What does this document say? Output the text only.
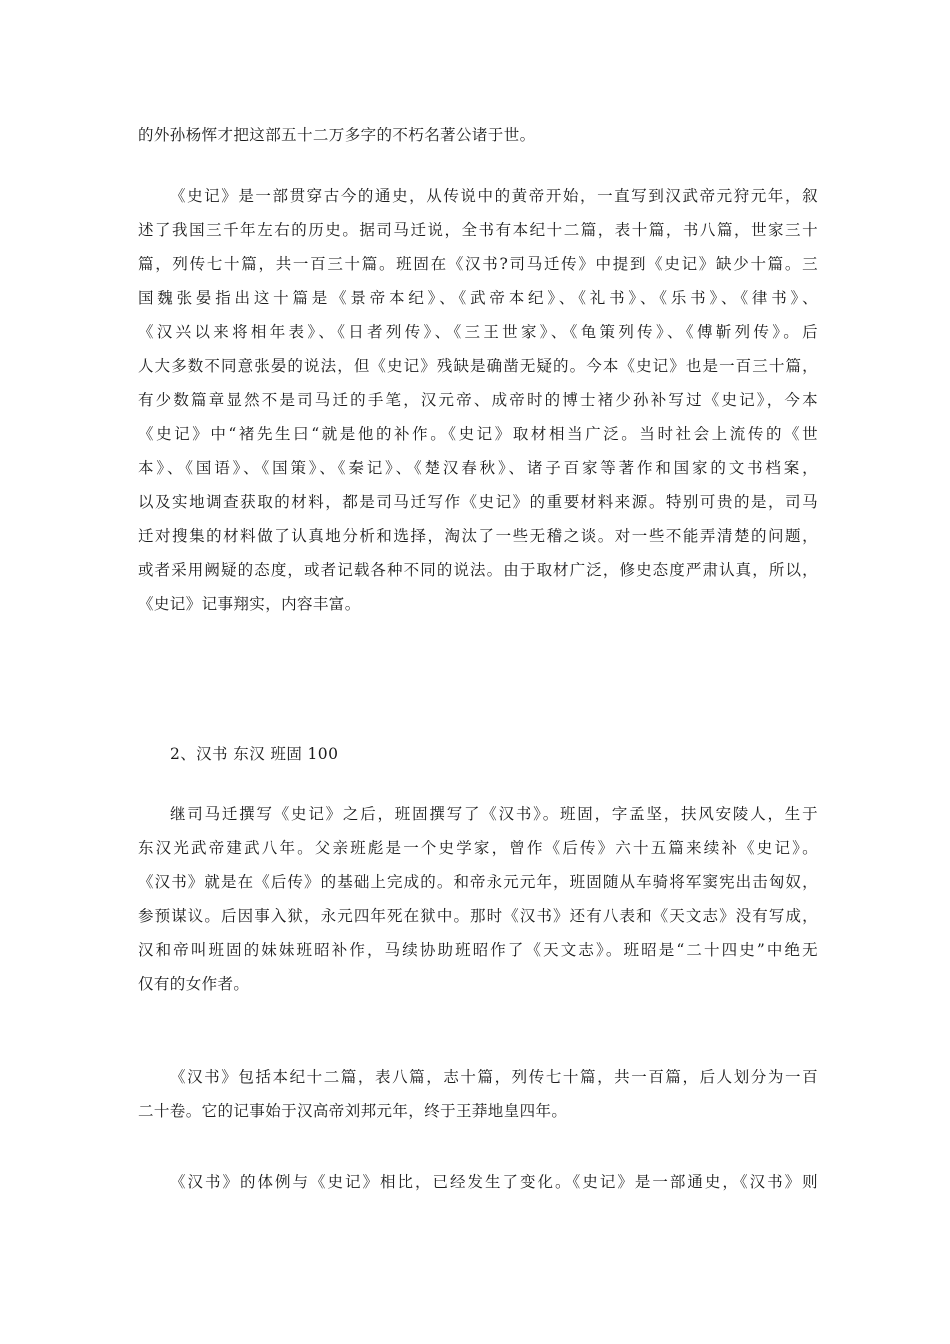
的外孙杨恽才把这部五十二万多字的不朽名著公诸于世。
《史记》是一部贯穿古今的通史，从传说中的黄帝开始，一直写到汉武帝元狩元年，叙
述了我国三千年左右的历史。据司马迁说，全书有本纪十二篇，表十篇，书八篇，世家三十
篇，列传七十篇，共一百三十篇。班固在《汉书?司马迁传》中提到《史记》缺少十篇。三
国魏张晏指出这十篇是《景帝本纪》、《武帝本纪》、《礼书》、《乐书》、《律书》、
《汉兴以来将相年表》、《日者列传》、《三王世家》、《龟策列传》、《傅靳列传》。后
人大多数不同意张晏的说法，但《史记》残缺是确凿无疑的。今本《史记》也是一百三十篇，
有少数篇章显然不是司马迁的手笔，汉元帝、成帝时的博士褚少孙补写过《史记》，今本
《史记》中“褚先生曰“就是他的补作。《史记》取材相当广泛。当时社会上流传的《世
本》、《国语》、《国策》、《秦记》、《楚汉春秋》、诸子百家等著作和国家的文书档案，
以及实地调查获取的材料，都是司马迁写作《史记》的重要材料来源。特别可贵的是，司马
迁对搜集的材料做了认真地分析和选择，淘汰了一些无稽之谈。对一些不能弄清楚的问题，
或者采用阙疑的态度，或者记载各种不同的说法。由于取材广泛，修史态度严肃认真，所以，
《史记》记事翔实，内容丰富。
2、汉书 东汉 班固 100
继司马迁撰写《史记》之后，班固撰写了《汉书》。班固，字孟坚，扶风安陵人，生于
东汉光武帝建武八年。父亲班彪是一个史学家，曾作《后传》六十五篇来续补《史记》。
《汉书》就是在《后传》的基础上完成的。和帝永元元年，班固随从车骑将军窦宪出击匈奴，
参预谋议。后因事入狱，永元四年死在狱中。那时《汉书》还有八表和《天文志》没有写成，
汉和帝叫班固的妹妹班昭补作，马续协助班昭作了《天文志》。班昭是“二十四史”中绝无
仅有的女作者。
《汉书》包括本纪十二篇，表八篇，志十篇，列传七十篇，共一百篇，后人划分为一百
二十卷。它的记事始于汉高帝刘邦元年，终于王莽地皇四年。
《汉书》的体例与《史记》相比，已经发生了变化。《史记》是一部通史，《汉书》则
